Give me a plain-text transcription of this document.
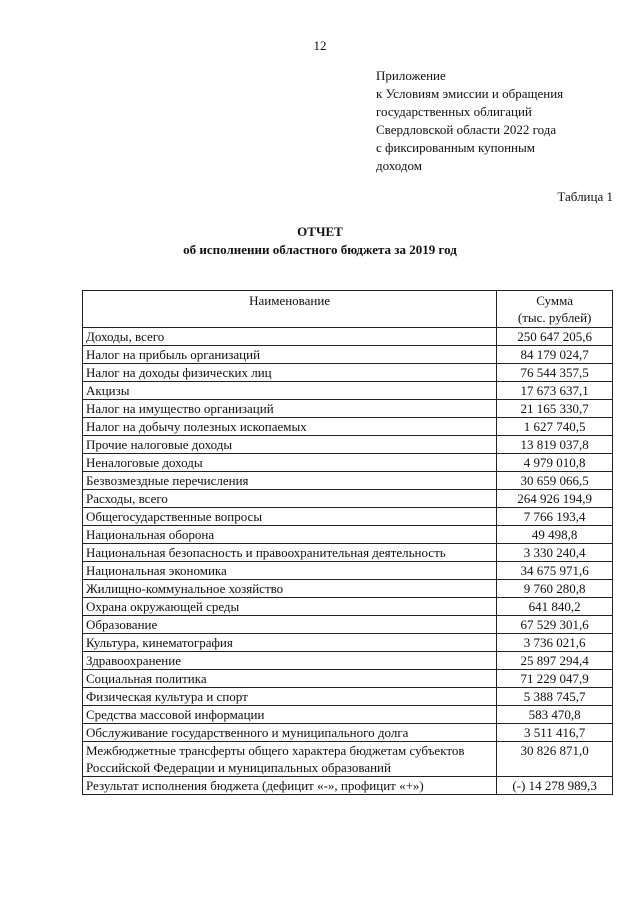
12
Приложение
к Условиям эмиссии и обращения
государственных облигаций
Свердловской области 2022 года
с фиксированным купонным
доходом
Таблица 1
ОТЧЕТ
об исполнении областного бюджета за 2019 год
Наименование	Сумма
(тыс. рублей)

Доходы, всего	250 647 205,6
Налог на прибыль организаций	84 179 024,7
Налог на доходы физических лиц	76 544 357,5
Акцизы	17 673 637,1
Налог на имущество организаций	21 165 330,7
Налог на добычу полезных ископаемых	1 627 740,5
Прочие налоговые доходы	13 819 037,8
Неналоговые доходы	4 979 010,8
Безвозмездные перечисления	30 659 066,5
Расходы, всего	264 926 194,9
Общегосударственные вопросы	7 766 193,4
Национальная оборона	49 498,8
Национальная безопасность и правоохранительная деятельность	3 330 240,4
Национальная экономика	34 675 971,6
Жилищно-коммунальное хозяйство	9 760 280,8
Охрана окружающей среды	641 840,2
Образование	67 529 301,6
Культура, кинематография	3 736 021,6
Здравоохранение	25 897 294,4
Социальная политика	71 229 047,9
Физическая культура и спорт	5 388 745,7
Средства массовой информации	583 470,8
Обслуживание государственного и муниципального долга	3 511 416,7
Межбюджетные трансферты общего характера бюджетам субъектов Российской Федерации и муниципальных образований	30 826 871,0
Результат исполнения бюджета (дефицит «-», профицит «+»)	(-) 14 278 989,3
